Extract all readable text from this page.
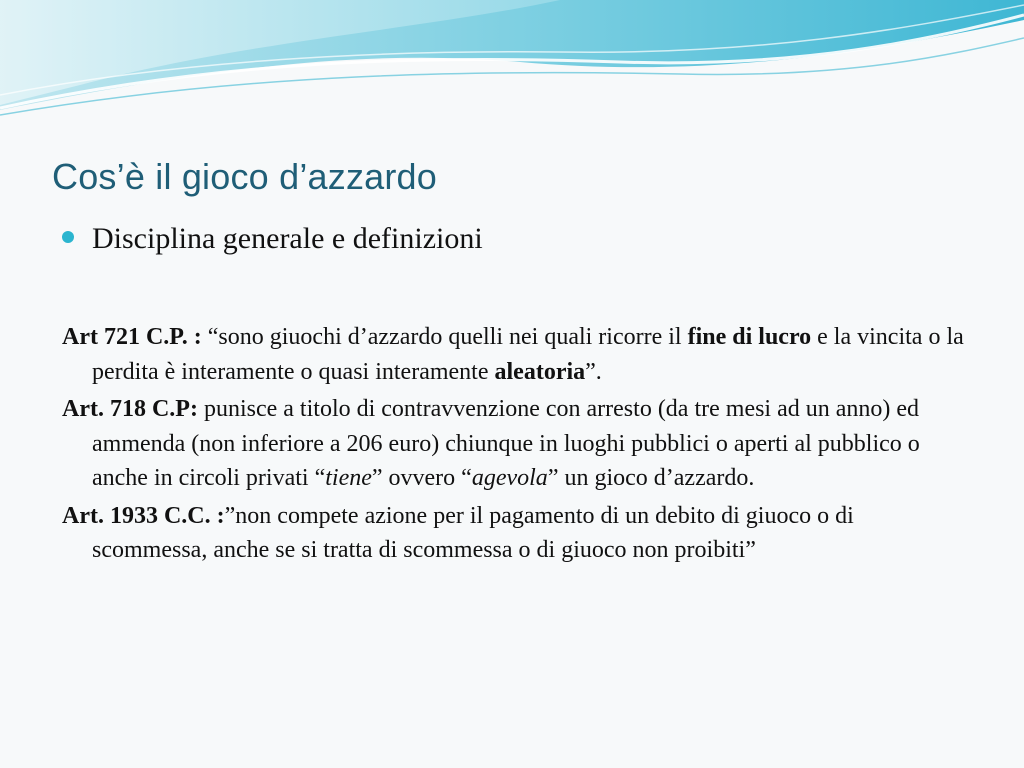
Cos’è il gioco d’azzardo
Disciplina generale e definizioni

Art 721 C.P. : “sono giuochi d’azzardo quelli nei quali ricorre il fine di lucro e la vincita o la perdita è interamente o quasi interamente aleatoria”.

Art. 718 C.P: punisce a titolo di contravvenzione con arresto (da tre mesi ad un anno) ed ammenda (non inferiore a 206 euro) chiunque in luoghi pubblici o aperti al pubblico o anche in circoli privati “tiene” ovvero “agevola” un gioco d’azzardo.

Art. 1933 C.C. :”non compete azione per il pagamento di un debito di giuoco o di scommessa, anche se si tratta di scommessa o di giuoco non proibiti”
